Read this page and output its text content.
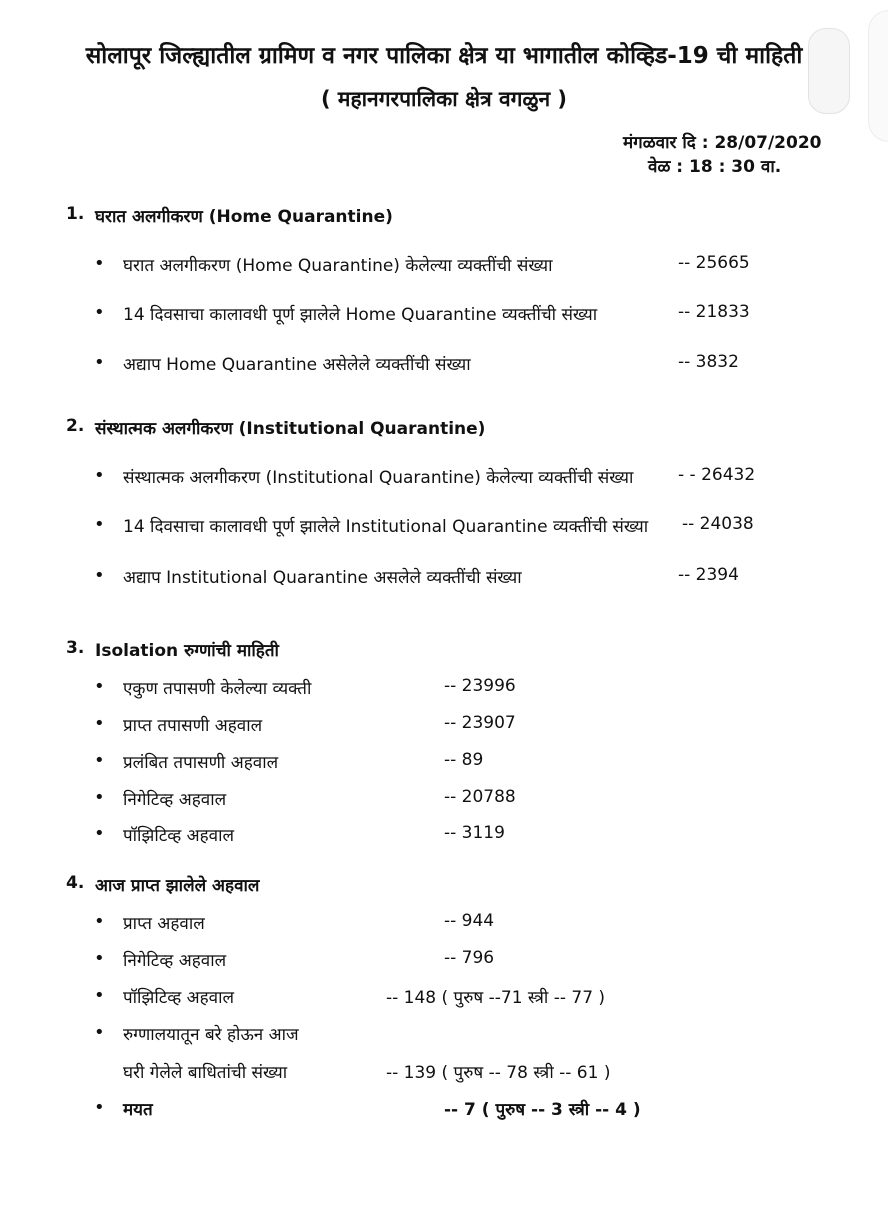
सोलापूर जिल्ह्यातील ग्रामिण व नगर पालिका क्षेत्र या भागातील कोव्हिड-19 ची माहिती
( महानगरपालिका क्षेत्र वगळुन )
मंगळवार दि : 28/07/2020
वेळ : 18 : 30 वा.
1. घरात अलगीकरण (Home Quarantine)
• घरात अलगीकरण (Home Quarantine) केलेल्या व्यक्तींची संख्या	-- 25665
• 14 दिवसाचा कालावधी पूर्ण झालेले Home Quarantine व्यक्तींची संख्या	-- 21833
• अद्याप Home Quarantine असेलेले व्यक्तींची संख्या	-- 3832
2. संस्थात्मक अलगीकरण (Institutional Quarantine)
• संस्थात्मक अलगीकरण (Institutional Quarantine) केलेल्या व्यक्तींची संख्या	- - 26432
• 14 दिवसाचा कालावधी पूर्ण झालेले Institutional Quarantine व्यक्तींची संख्या -- 24038
• अद्याप Institutional Quarantine असलेले व्यक्तींची संख्या	-- 2394
3. Isolation रुग्णांची माहिती
• एकुण तपासणी केलेल्या व्यक्ती	-- 23996
• प्राप्त तपासणी अहवाल	-- 23907
• प्रलंबित तपासणी अहवाल	-- 89
• निगेटिव्ह अहवाल	-- 20788
• पॉझिटिव्ह अहवाल	-- 3119
4. आज प्राप्त झालेले अहवाल
• प्राप्त अहवाल	-- 944
• निगेटिव्ह अहवाल	-- 796
• पॉझिटिव्ह अहवाल	-- 148 ( पुरुष --71 स्त्री -- 77 )
• रुग्णालयातून बरे होऊन आज
घरी गेलेले बाधितांची संख्या	-- 139 ( पुरुष -- 78 स्त्री -- 61 )
• मयत	-- 7 ( पुरुष -- 3 स्त्री -- 4 )
